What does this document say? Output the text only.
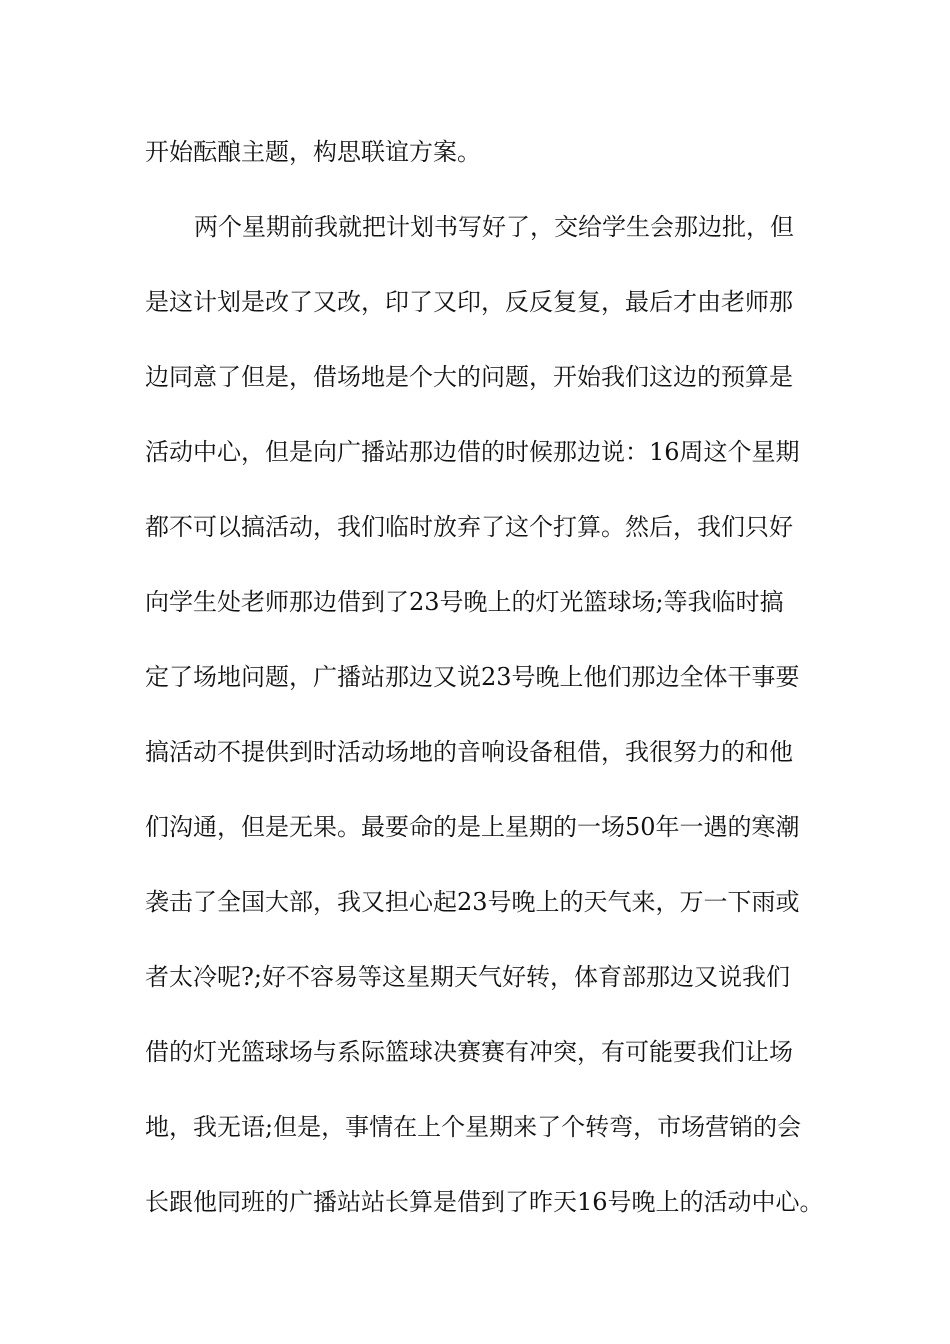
开始酝酿主题，构思联谊方案。
两个星期前我就把计划书写好了，交给学生会那边批，但
是这计划是改了又改，印了又印，反反复复，最后才由老师那
边同意了但是，借场地是个大的问题，开始我们这边的预算是
活动中心，但是向广播站那边借的时候那边说：16周这个星期
都不可以搞活动，我们临时放弃了这个打算。然后，我们只好
向学生处老师那边借到了23号晚上的灯光篮球场;等我临时搞
定了场地问题，广播站那边又说23号晚上他们那边全体干事要
搞活动不提供到时活动场地的音响设备租借，我很努力的和他
们沟通，但是无果。最要命的是上星期的一场50年一遇的寒潮
袭击了全国大部，我又担心起23号晚上的天气来，万一下雨或
者太冷呢?;好不容易等这星期天气好转，体育部那边又说我们
借的灯光篮球场与系际篮球决赛赛有冲突，有可能要我们让场
地，我无语;但是，事情在上个星期来了个转弯，市场营销的会
长跟他同班的广播站站长算是借到了昨天16号晚上的活动中心。
